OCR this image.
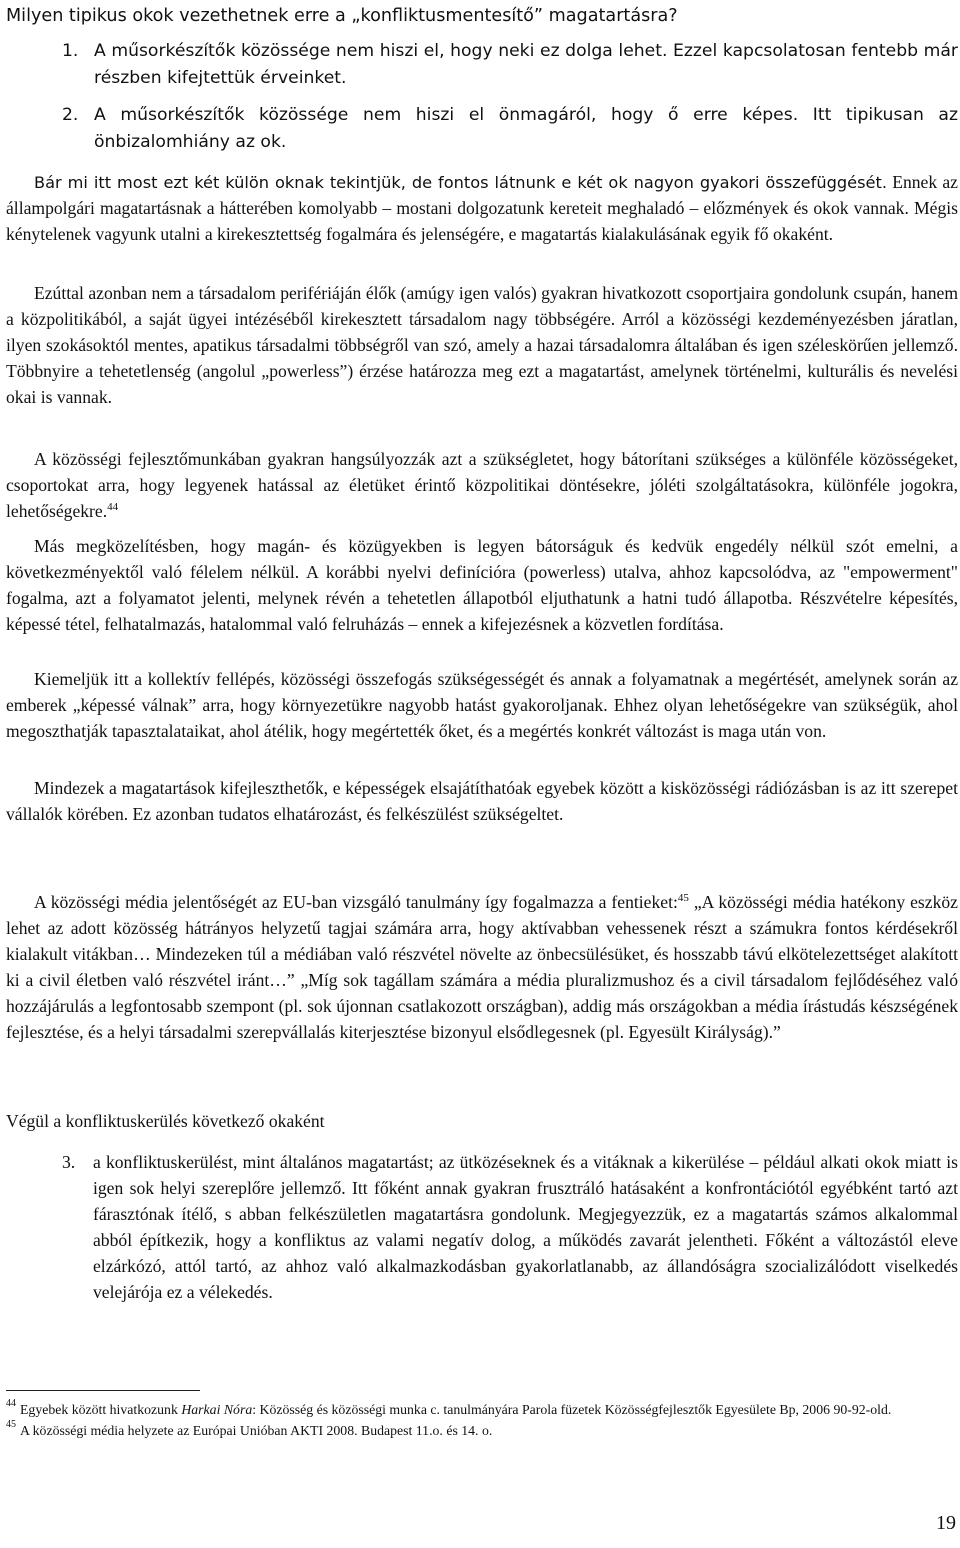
Milyen tipikus okok vezethetnek erre a „konfliktusmentesítő” magatartásra?
1. A műsorkészítők közössége nem hiszi el, hogy neki ez dolga lehet. Ezzel kapcsolatosan fentebb már részben kifejtettük érveinket.
2. A műsorkészítők közössége nem hiszi el önmagáról, hogy ő erre képes. Itt tipikusan az önbizalomhiány az ok.

Bár mi itt most ezt két külön oknak tekintjük, de fontos látnunk e két ok nagyon gyakori összefüggését. Ennek az állampolgári magatartásnak a hátterében komolyabb – mostani dolgozatunk kereteit meghaladó – előzmények és okok vannak. Mégis kénytelenek vagyunk utalni a kirekesztettség fogalmára és jelenségére, e magatartás kialakulásának egyik fő okaként.

Ezúttal azonban nem a társadalom perifériáján élők (amúgy igen valós) gyakran hivatkozott csoportjaira gondolunk csupán, hanem a közpolitikából, a saját ügyei intézéséből kirekesztett társadalom nagy többségére. Arról a közösségi kezdeményezésben járatlan, ilyen szokásoktól mentes, apatikus társadalmi többségről van szó, amely a hazai társadalomra általában és igen széleskörűen jellemző. Többnyire a tehetetlenség (angolul „powerless”) érzése határozza meg ezt a magatartást, amelynek történelmi, kulturális és nevelési okai is vannak.

A közösségi fejlesztőmunkában gyakran hangsúlyozzák azt a szükségletet, hogy bátorítani szükséges a különféle közösségeket, csoportokat arra, hogy legyenek hatással az életüket érintő közpolitikai döntésekre, jóléti szolgáltatásokra, különféle jogokra, lehetőségekre.$^{44}$

Más megközelítésben, hogy magán- és közügyekben is legyen bátorságuk és kedvük engedély nélkül szót emelni, a következményektől való félelem nélkül. A korábbi nyelvi definícióra (powerless) utalva, ahhoz kapcsolódva, az "empowerment" fogalma, azt a folyamatot jelenti, melynek révén a tehetetlen állapotból eljuthatunk a hatni tudó állapotba. Részvételre képesítés, képessé tétel, felhatalmazás, hatalommal való felruházás – ennek a kifejezésnek a közvetlen fordítása.

Kiemeljük itt a kollektív fellépés, közösségi összefogás szükségességét és annak a folyamatnak a megértését, amelynek során az emberek „képessé válnak” arra, hogy környezetükre nagyobb hatást gyakoroljanak. Ehhez olyan lehetőségekre van szükségük, ahol megoszthatják tapasztalataikat, ahol átélik, hogy megértették őket, és a megértés konkrét változást is maga után von.

Mindezek a magatartások kifejleszthetők, e képességek elsajátíthatóak egyebek között a kisközösségi rádiózásban is az itt szerepet vállalók körében. Ez azonban tudatos elhatározást, és felkészülést szükségeltet.

A közösségi média jelentőségét az EU-ban vizsgáló tanulmány így fogalmazza a fentieket:$^{45}$ „A közösségi média hatékony eszköz lehet az adott közösség hátrányos helyzetű tagjai számára arra, hogy aktívabban vehessenek részt a számukra fontos kérdésekről kialakult vitákban… Mindezeken túl a médiában való részvétel növelte az önbecsülésüket, és hosszabb távú elkötelezettséget alakított ki a civil életben való részvétel iránt…” „Míg sok tagállam számára a média pluralizmushoz és a civil társadalom fejlődéséhez való hozzájárulás a legfontosabb szempont (pl. sok újonnan csatlakozott országban), addig más országokban a média írástudás készségének fejlesztése, és a helyi társadalmi szerepvállalás kiterjesztése bizonyul elsődlegesnek (pl. Egyesült Királyság).”

Végül a konfliktuskerülés következő okaként

3. a konfliktuskerülést, mint általános magatartást; az ütközéseknek és a vitáknak a kikerülése – például alkati okok miatt is igen sok helyi szereplőre jellemző. Itt főként annak gyakran frusztráló hatásaként a konfrontációtól egyébként tartó azt fárasztónak ítélő, s abban felkészületlen magatartásra gondolunk. Megjegyezzük, ez a magatartás számos alkalommal abból építkezik, hogy a konfliktus az valami negatív dolog, a működés zavarát jelentheti. Főként a változástól eleve elzárkózó, attól tartó, az ahhoz való alkalmazkodásban gyakorlatlanabb, az állandóságra szocializálódott viselkedés velejárója ez a vélekedés.
44 Egyebek között hivatkozunk Harkai Nóra: Közösség és közösségi munka c. tanulmányára Parola füzetek Közösségfejlesztők Egyesülete Bp, 2006 90-92-old.
45 A közösségi média helyzete az Európai Unióban AKTI 2008. Budapest 11.o. és 14. o.
19
